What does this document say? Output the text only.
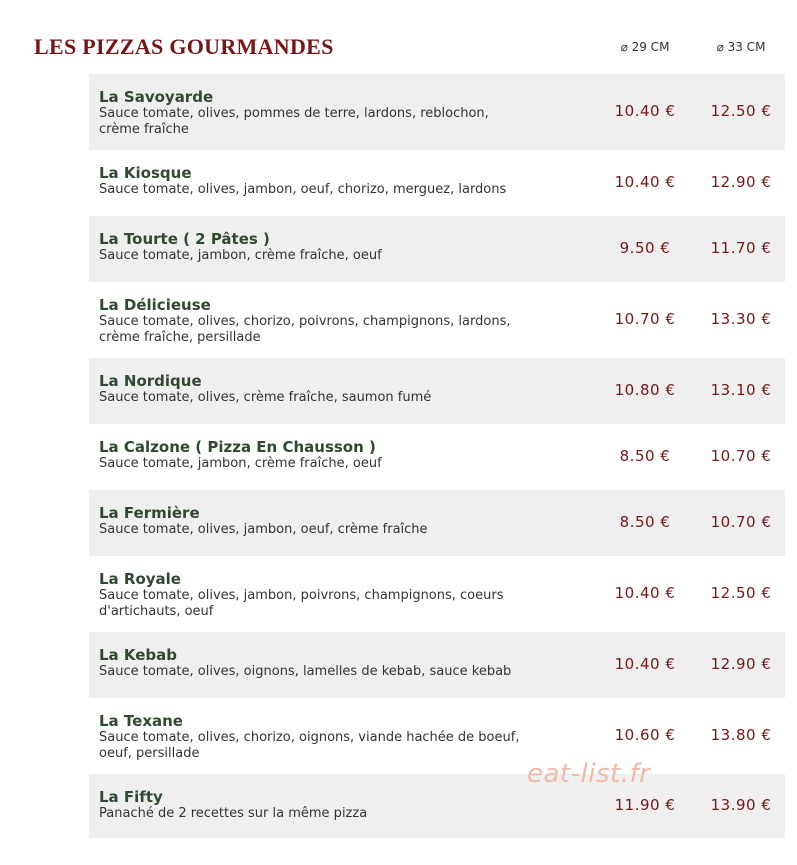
LES PIZZAS GOURMANDES	⌀ 29 CM	⌀ 33 CM
La Savoyarde
Sauce tomate, olives, pommes de terre, lardons, reblochon,
crème fraîche
10.40 €	12.50 €
La Kiosque
Sauce tomate, olives, jambon, oeuf, chorizo, merguez, lardons	10.40 €	12.90 €
La Tourte ( 2 Pâtes )
Sauce tomate, jambon, crème fraîche, oeuf	9.50 €	11.70 €
La Délicieuse
Sauce tomate, olives, chorizo, poivrons, champignons, lardons,
crème fraîche, persillade
10.70 €	13.30 €
La Nordique
Sauce tomate, olives, crème fraîche, saumon fumé	10.80 €	13.10 €
La Calzone ( Pizza En Chausson )
Sauce tomate, jambon, crème fraîche, oeuf	8.50 €	10.70 €
La Fermière
Sauce tomate, olives, jambon, oeuf, crème fraîche	8.50 €	10.70 €
La Royale
Sauce tomate, olives, jambon, poivrons, champignons, coeurs
d'artichauts, oeuf
10.40 €	12.50 €
La Kebab
Sauce tomate, olives, oignons, lamelles de kebab, sauce kebab	10.40 €	12.90 €
La Texane
Sauce tomate, olives, chorizo, oignons, viande hachée de boeuf,
oeuf, persillade
10.60 €	13.80 €
La Fifty
Panaché de 2 recettes sur la même pizza	11.90 €	13.90 €
eat-list.fr
